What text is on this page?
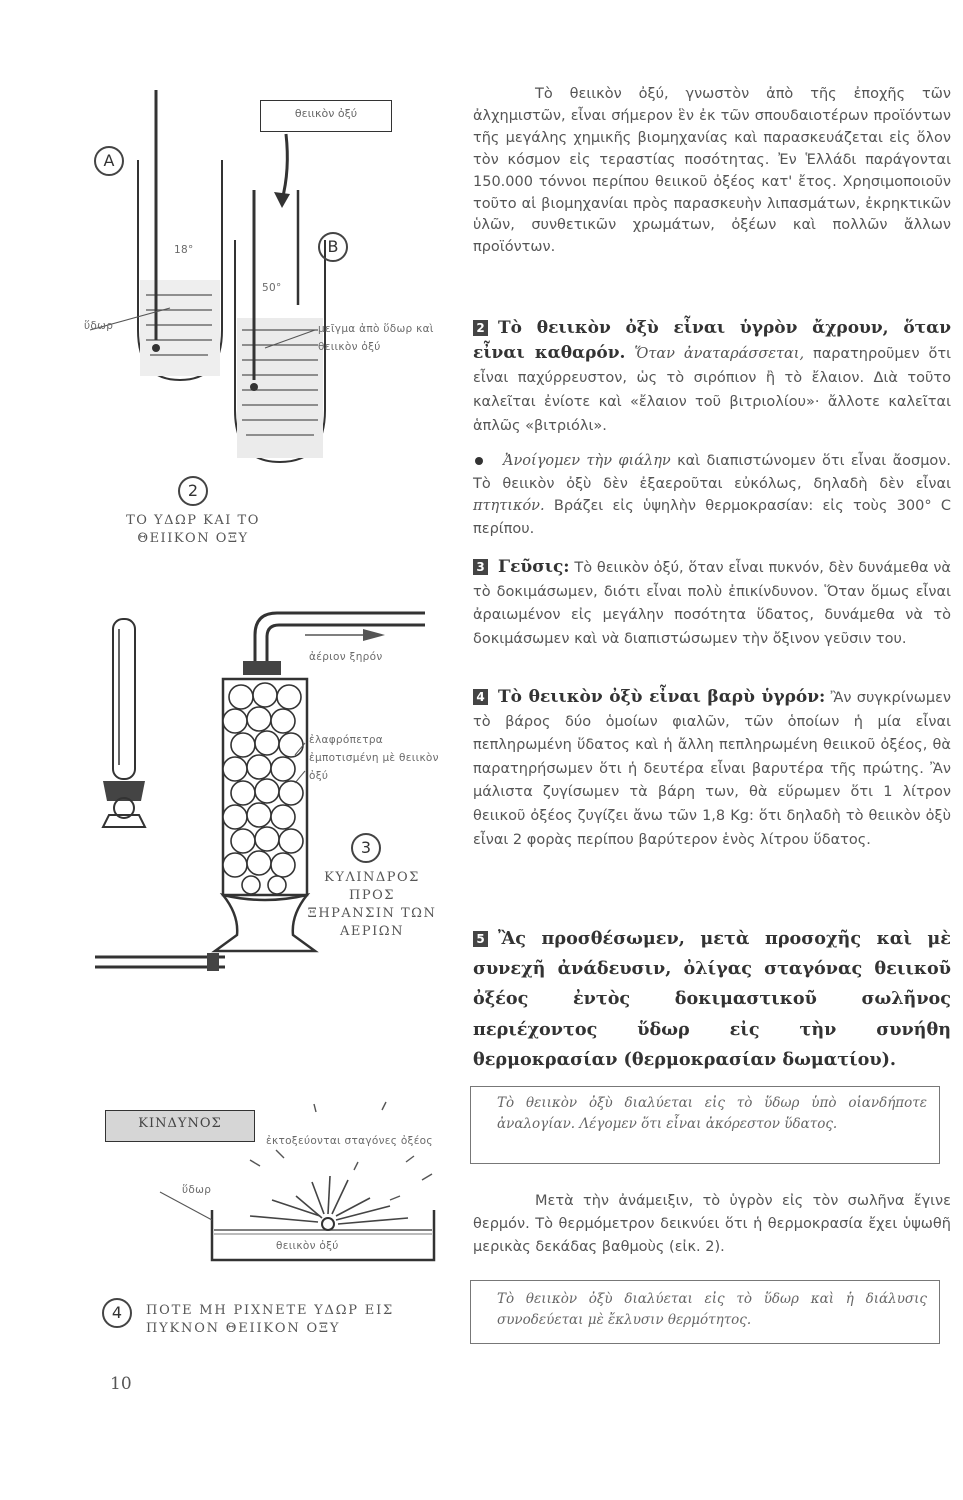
A
B
θειικὸν ὀξύ
18°
50°
ὕδωρ	μεῖγμα ἀπὸ ὕδωρ καὶ θειικὸν ὀξύ
2
ΤΟ ΥΔΩΡ ΚΑΙ ΤΟ ΘΕΙΙΚΟΝ ΟΞΥ
ἀέριον ξηρόν
ἐλαφρόπετρα ἐμποτισμένη μὲ θειικὸν ὀξύ
3
ΚΥΛΙΝΔΡΟΣ ΠΡΟΣ ΞΗΡΑΝΣΙΝ ΤΩΝ ΑΕΡΙΩΝ
ΚΙΝΔΥΝΟΣ
ἐκτοξεύονται σταγόνες ὀξέος
ὕδωρ
θειικὸν ὀξύ
4	ΠΟΤΕ ΜΗ ΡΙΧΝΕΤΕ ΥΔΩΡ ΕΙΣ ΠΥΚΝΟΝ ΘΕΙΙΚΟΝ ΟΞΥ

Τὸ θειικὸν ὀξύ, γνωστὸν ἀπὸ τῆς ἐποχῆς τῶν ἀλχημιστῶν, εἶναι σήμερον ἓν ἐκ τῶν σπουδαιοτέρων προϊόντων τῆς μεγάλης χημικῆς βιομηχανίας καὶ παρασκευάζεται εἰς ὅλον τὸν κόσμον εἰς τεραστίας ποσότητας. Ἐν Ἑλλάδι παράγονται 150.000 τόννοι περίπου θειικοῦ ὀξέος κατ' ἔτος. Χρησιμοποιοῦν τοῦτο αἱ βιομηχανίαι πρὸς παρασκευὴν λιπασμάτων, ἐκρηκτικῶν ὑλῶν, συνθετικῶν χρωμάτων, ὀξέων καὶ πολλῶν ἄλλων προϊόντων.

2 Τὸ θειικὸν ὀξὺ εἶναι ὑγρὸν ἄχρουν, ὅταν εἶναι καθαρόν. Ὅταν ἀναταράσσεται, παρατηροῦμεν ὅτι εἶναι παχύρρευστον, ὡς τὸ σιρόπιον ἢ τὸ ἔλαιον. Διὰ τοῦτο καλεῖται ἐνίοτε καὶ «ἔλαιον τοῦ βιτριολίου»· ἄλλοτε καλεῖται ἁπλῶς «βιτριόλι».

Ἀνοίγομεν τὴν φιάλην καὶ διαπιστώνομεν ὅτι εἶναι ἄοσμον. Τὸ θειικὸν ὀξὺ δὲν ἐξαεροῦται εὐκόλως, δηλαδὴ δὲν εἶναι πτητικόν. Βράζει εἰς ὑψηλὴν θερμοκρασίαν: εἰς τοὺς 300° C περίπου.

3 Γεῦσις: Τὸ θειικὸν ὀξύ, ὅταν εἶναι πυκνόν, δὲν δυνάμεθα νὰ τὸ δοκιμάσωμεν, διότι εἶναι πολὺ ἐπικίνδυνον. Ὅταν ὅμως εἶναι ἀραιωμένον εἰς μεγάλην ποσότητα ὕδατος, δυνάμεθα νὰ τὸ δοκιμάσωμεν καὶ νὰ διαπιστώσωμεν τὴν ὄξινον γεῦσιν του.

4 Τὸ θειικὸν ὀξὺ εἶναι βαρὺ ὑγρόν: Ἂν συγκρίνωμεν τὸ βάρος δύο ὁμοίων φιαλῶν, τῶν ὁποίων ἡ μία εἶναι πεπληρωμένη ὕδατος καὶ ἡ ἄλλη πεπληρωμένη θειικοῦ ὀξέος, θὰ παρατηρήσωμεν ὅτι ἡ δευτέρα εἶναι βαρυτέρα τῆς πρώτης. Ἂν μάλιστα ζυγίσωμεν τὰ βάρη των, θὰ εὕρωμεν ὅτι 1 λίτρον θειικοῦ ὀξέος ζυγίζει ἄνω τῶν 1,8 Kg: ὅτι δηλαδὴ τὸ θειικὸν ὀξὺ εἶναι 2 φορὰς περίπου βαρύτερον ἑνὸς λίτρου ὕδατος.

5 Ἂς προσθέσωμεν, μετὰ προσοχῆς καὶ μὲ συνεχῆ ἀνάδευσιν, ὀλίγας σταγόνας θειικοῦ ὀξέος ἐντὸς δοκιμαστικοῦ σωλῆνος περιέχοντος ὕδωρ εἰς τὴν συνήθη θερμοκρασίαν (θερμοκρασίαν δωματίου).

Τὸ θειικὸν ὀξὺ διαλύεται εἰς τὸ ὕδωρ ὑπὸ οἱανδήποτε ἀναλογίαν. Λέγομεν ὅτι εἶναι ἀκόρεστον ὕδατος.

Μετὰ τὴν ἀνάμειξιν, τὸ ὑγρὸν εἰς τὸν σωλῆνα ἔγινε θερμόν. Τὸ θερμόμετρον δεικνύει ὅτι ἡ θερμοκρασία ἔχει ὑψωθῆ μερικὰς δεκάδας βαθμοὺς (εἰκ. 2).

Τὸ θειικὸν ὀξὺ διαλύεται εἰς τὸ ὕδωρ καὶ ἡ διάλυσις συνοδεύεται μὲ ἔκλυσιν θερμότητος.
10
